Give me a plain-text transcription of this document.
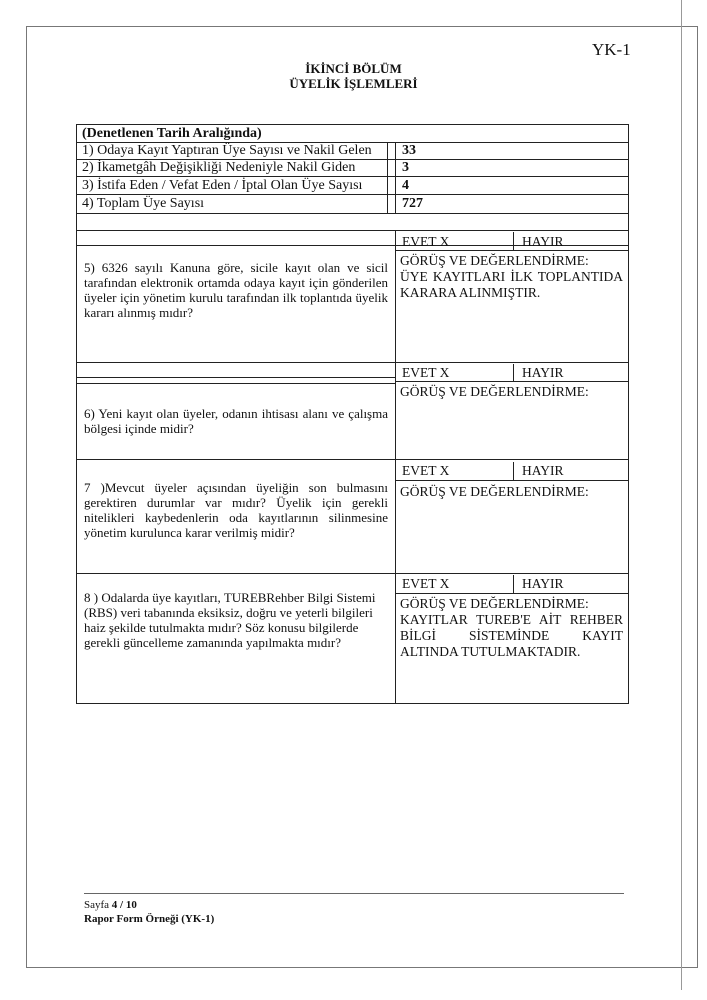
YK-1
İKİNCİ BÖLÜM
ÜYELİK İŞLEMLERİ
(Denetlenen Tarih Aralığında)
1) Odaya Kayıt Yaptıran Üye Sayısı ve Nakil Gelen	33
2) İkametgâh Değişikliği Nedeniyle Nakil Giden	3
3) İstifa Eden / Vefat Eden / İptal Olan Üye Sayısı	4
4) Toplam Üye Sayısı	727
5) 6326 sayılı Kanuna göre, sicile kayıt olan ve sicil tarafından elektronik ortamda odaya kayıt için gönderilen üyeler için yönetim kurulu tarafından ilk toplantıda üyelik kararı alınmış mıdır?
EVET X	HAYIR
GÖRÜŞ VE DEĞERLENDİRME:
ÜYE KAYITLARI İLK TOPLANTIDA KARARA ALINMIŞTIR.
6) Yeni kayıt olan üyeler, odanın ihtisası alanı ve çalışma bölgesi içinde midir?
EVET X	HAYIR
GÖRÜŞ VE DEĞERLENDİRME:
7 )Mevcut üyeler açısından üyeliğin son bulmasını gerektiren durumlar var mıdır? Üyelik için gerekli nitelikleri kaybedenlerin oda kayıtlarının silinmesine yönetim kurulunca karar verilmiş midir?
EVET X	HAYIR
GÖRÜŞ VE DEĞERLENDİRME:
8 ) Odalarda üye kayıtları, TUREBRehber Bilgi Sistemi (RBS) veri tabanında eksiksiz, doğru ve yeterli bilgileri haiz şekilde tutulmakta mıdır? Söz konusu bilgilerde gerekli güncelleme zamanında yapılmakta mıdır?
EVET X	HAYIR
GÖRÜŞ VE DEĞERLENDİRME:
KAYITLAR TUREB'E AİT REHBER BİLGİ SİSTEMİNDE KAYIT ALTINDA TUTULMAKTADIR.
Sayfa 4 / 10
Rapor Form Örneği (YK-1)
